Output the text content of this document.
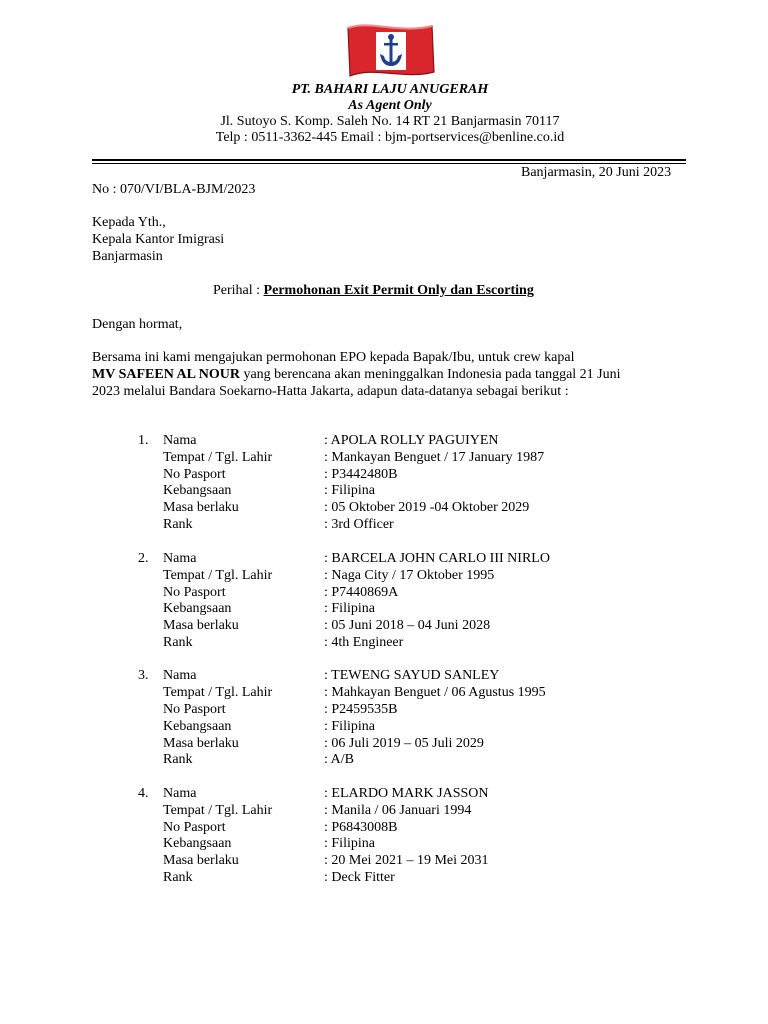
PT. BAHARI LAJU ANUGERAH
As Agent Only
Jl. Sutoyo S. Komp. Saleh No. 14 RT 21 Banjarmasin 70117
Telp : 0511-3362-445 Email : bjm-portservices@benline.co.id
Banjarmasin, 20 Juni 2023
No : 070/VI/BLA-BJM/2023
Kepada Yth.,
Kepala Kantor Imigrasi
Banjarmasin
Perihal : Permohonan Exit Permit Only dan Escorting
Dengan hormat,
Bersama ini kami mengajukan permohonan EPO kepada Bapak/Ibu, untuk crew kapal
MV SAFEEN AL NOUR yang berencana akan meninggalkan Indonesia pada tanggal 21 Juni
2023 melalui Bandara Soekarno-Hatta Jakarta, adapun data-datanya sebagai berikut :
1. Nama	: APOLA ROLLY PAGUIYEN
Tempat / Tgl. Lahir	: Mankayan Benguet / 17 January 1987
No Pasport	: P3442480B
Kebangsaan	: Filipina
Masa berlaku	: 05 Oktober 2019 -04 Oktober 2029
Rank	: 3rd Officer
2. Nama	: BARCELA JOHN CARLO III NIRLO
Tempat / Tgl. Lahir	: Naga City / 17 Oktober 1995
No Pasport	: P7440869A
Kebangsaan	: Filipina
Masa berlaku	: 05 Juni 2018 – 04 Juni 2028
Rank	: 4th Engineer
3. Nama	: TEWENG SAYUD SANLEY
Tempat / Tgl. Lahir	: Mahkayan Benguet / 06 Agustus 1995
No Pasport	: P2459535B
Kebangsaan	: Filipina
Masa berlaku	: 06 Juli 2019 – 05 Juli 2029
Rank	: A/B
4. Nama	: ELARDO MARK JASSON
Tempat / Tgl. Lahir	: Manila / 06 Januari 1994
No Pasport	: P6843008B
Kebangsaan	: Filipina
Masa berlaku	: 20 Mei 2021 – 19 Mei 2031
Rank	: Deck Fitter
